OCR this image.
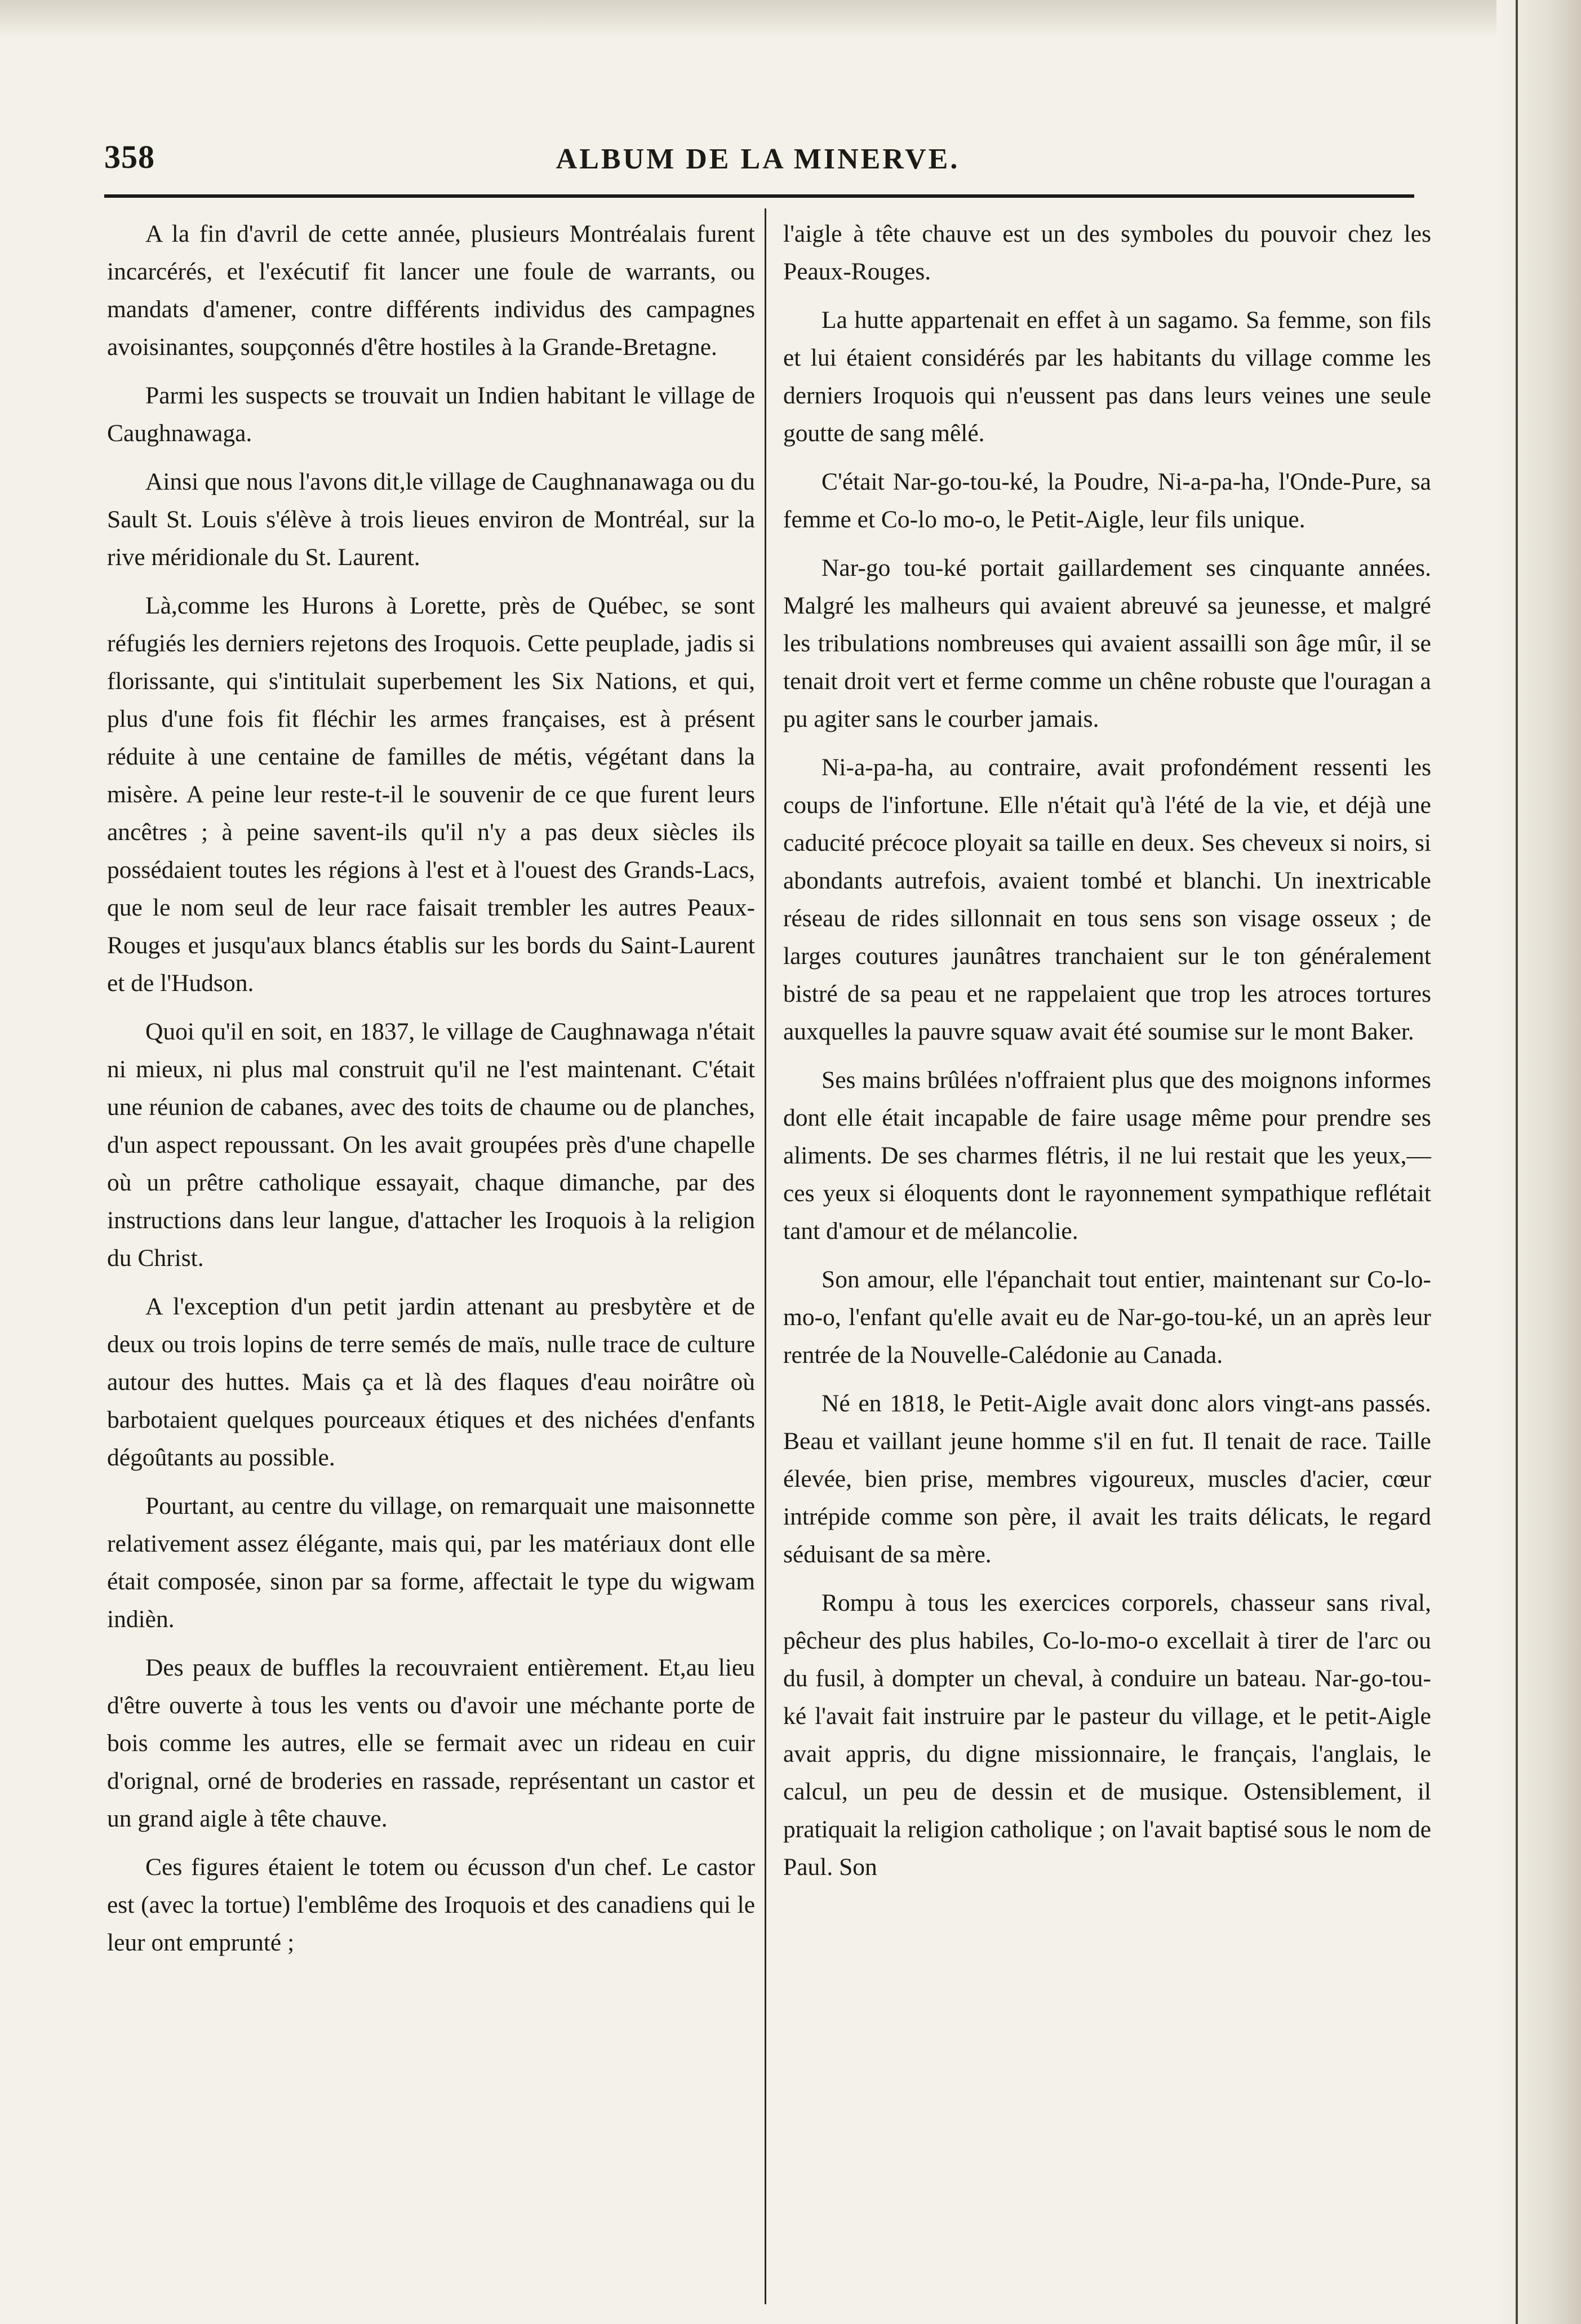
358	ALBUM DE LA MINERVE.

A la fin d'avril de cette année, plusieurs Montréalais furent incarcérés, et l'exécutif fit lancer une foule de warrants, ou mandats d'amener, contre différents individus des campagnes avoisinantes, soupçonnés d'être hostiles à la Grande-Bretagne.

Parmi les suspects se trouvait un Indien habitant le village de Caughnawaga.

Ainsi que nous l'avons dit,le village de Caughnanawaga ou du Sault St. Louis s'élève à trois lieues environ de Montréal, sur la rive méridionale du St. Laurent.

Là,comme les Hurons à Lorette, près de Québec, se sont réfugiés les derniers rejetons des Iroquois. Cette peuplade, jadis si florissante, qui s'intitulait superbement les Six Nations, et qui, plus d'une fois fit fléchir les armes françaises, est à présent réduite à une centaine de familles de métis, végétant dans la misère. A peine leur reste-t-il le souvenir de ce que furent leurs ancêtres ; à peine savent-ils qu'il n'y a pas deux siècles ils possédaient toutes les régions à l'est et à l'ouest des Grands-Lacs, que le nom seul de leur race faisait trembler les autres Peaux-Rouges et jusqu'aux blancs établis sur les bords du Saint-Laurent et de l'Hudson.

Quoi qu'il en soit, en 1837, le village de Caughnawaga n'était ni mieux, ni plus mal construit qu'il ne l'est maintenant. C'était une réunion de cabanes, avec des toits de chaume ou de planches, d'un aspect repoussant. On les avait groupées près d'une chapelle où un prêtre catholique essayait, chaque dimanche, par des instructions dans leur langue, d'attacher les Iroquois à la religion du Christ.

A l'exception d'un petit jardin attenant au presbytère et de deux ou trois lopins de terre semés de maïs, nulle trace de culture autour des huttes. Mais ça et là des flaques d'eau noirâtre où barbotaient quelques pourceaux étiques et des nichées d'enfants dégoûtants au possible.

Pourtant, au centre du village, on remarquait une maisonnette relativement assez élégante, mais qui, par les matériaux dont elle était composée, sinon par sa forme, affectait le type du wigwam indièn.

Des peaux de buffles la recouvraient entièrement. Et,au lieu d'être ouverte à tous les vents ou d'avoir une méchante porte de bois comme les autres, elle se fermait avec un rideau en cuir d'orignal, orné de broderies en rassade, représentant un castor et un grand aigle à tête chauve.

Ces figures étaient le totem ou écusson d'un chef. Le castor est (avec la tortue) l'emblême des Iroquois et des canadiens qui le leur ont emprunté ;

l'aigle à tête chauve est un des symboles du pouvoir chez les Peaux-Rouges.

La hutte appartenait en effet à un sagamo. Sa femme, son fils et lui étaient considérés par les habitants du village comme les derniers Iroquois qui n'eussent pas dans leurs veines une seule goutte de sang mêlé.

C'était Nar-go-tou-ké, la Poudre, Ni-a-pa-ha, l'Onde-Pure, sa femme et Co-lo mo-o, le Petit-Aigle, leur fils unique.

Nar-go tou-ké portait gaillardement ses cinquante années. Malgré les malheurs qui avaient abreuvé sa jeunesse, et malgré les tribulations nombreuses qui avaient assailli son âge mûr, il se tenait droit vert et ferme comme un chêne robuste que l'ouragan a pu agiter sans le courber jamais.

Ni-a-pa-ha, au contraire, avait profondément ressenti les coups de l'infortune. Elle n'était qu'à l'été de la vie, et déjà une caducité précoce ployait sa taille en deux. Ses cheveux si noirs, si abondants autrefois, avaient tombé et blanchi. Un inextricable réseau de rides sillonnait en tous sens son visage osseux ; de larges coutures jaunâtres tranchaient sur le ton généralement bistré de sa peau et ne rappelaient que trop les atroces tortures auxquelles la pauvre squaw avait été soumise sur le mont Baker.

Ses mains brûlées n'offraient plus que des moignons informes dont elle était incapable de faire usage même pour prendre ses aliments. De ses charmes flétris, il ne lui restait que les yeux,—ces yeux si éloquents dont le rayonnement sympathique reflétait tant d'amour et de mélancolie.

Son amour, elle l'épanchait tout entier, maintenant sur Co-lo-mo-o, l'enfant qu'elle avait eu de Nar-go-tou-ké, un an après leur rentrée de la Nouvelle-Calédonie au Canada.

Né en 1818, le Petit-Aigle avait donc alors vingt-ans passés. Beau et vaillant jeune homme s'il en fut. Il tenait de race. Taille élevée, bien prise, membres vigoureux, muscles d'acier, cœur intrépide comme son père, il avait les traits délicats, le regard séduisant de sa mère.

Rompu à tous les exercices corporels, chasseur sans rival, pêcheur des plus habiles, Co-lo-mo-o excellait à tirer de l'arc ou du fusil, à dompter un cheval, à conduire un bateau. Nar-go-tou-ké l'avait fait instruire par le pasteur du village, et le petit-Aigle avait appris, du digne missionnaire, le français, l'anglais, le calcul, un peu de dessin et de musique. Ostensiblement, il pratiquait la religion catholique ; on l'avait baptisé sous le nom de Paul. Son
